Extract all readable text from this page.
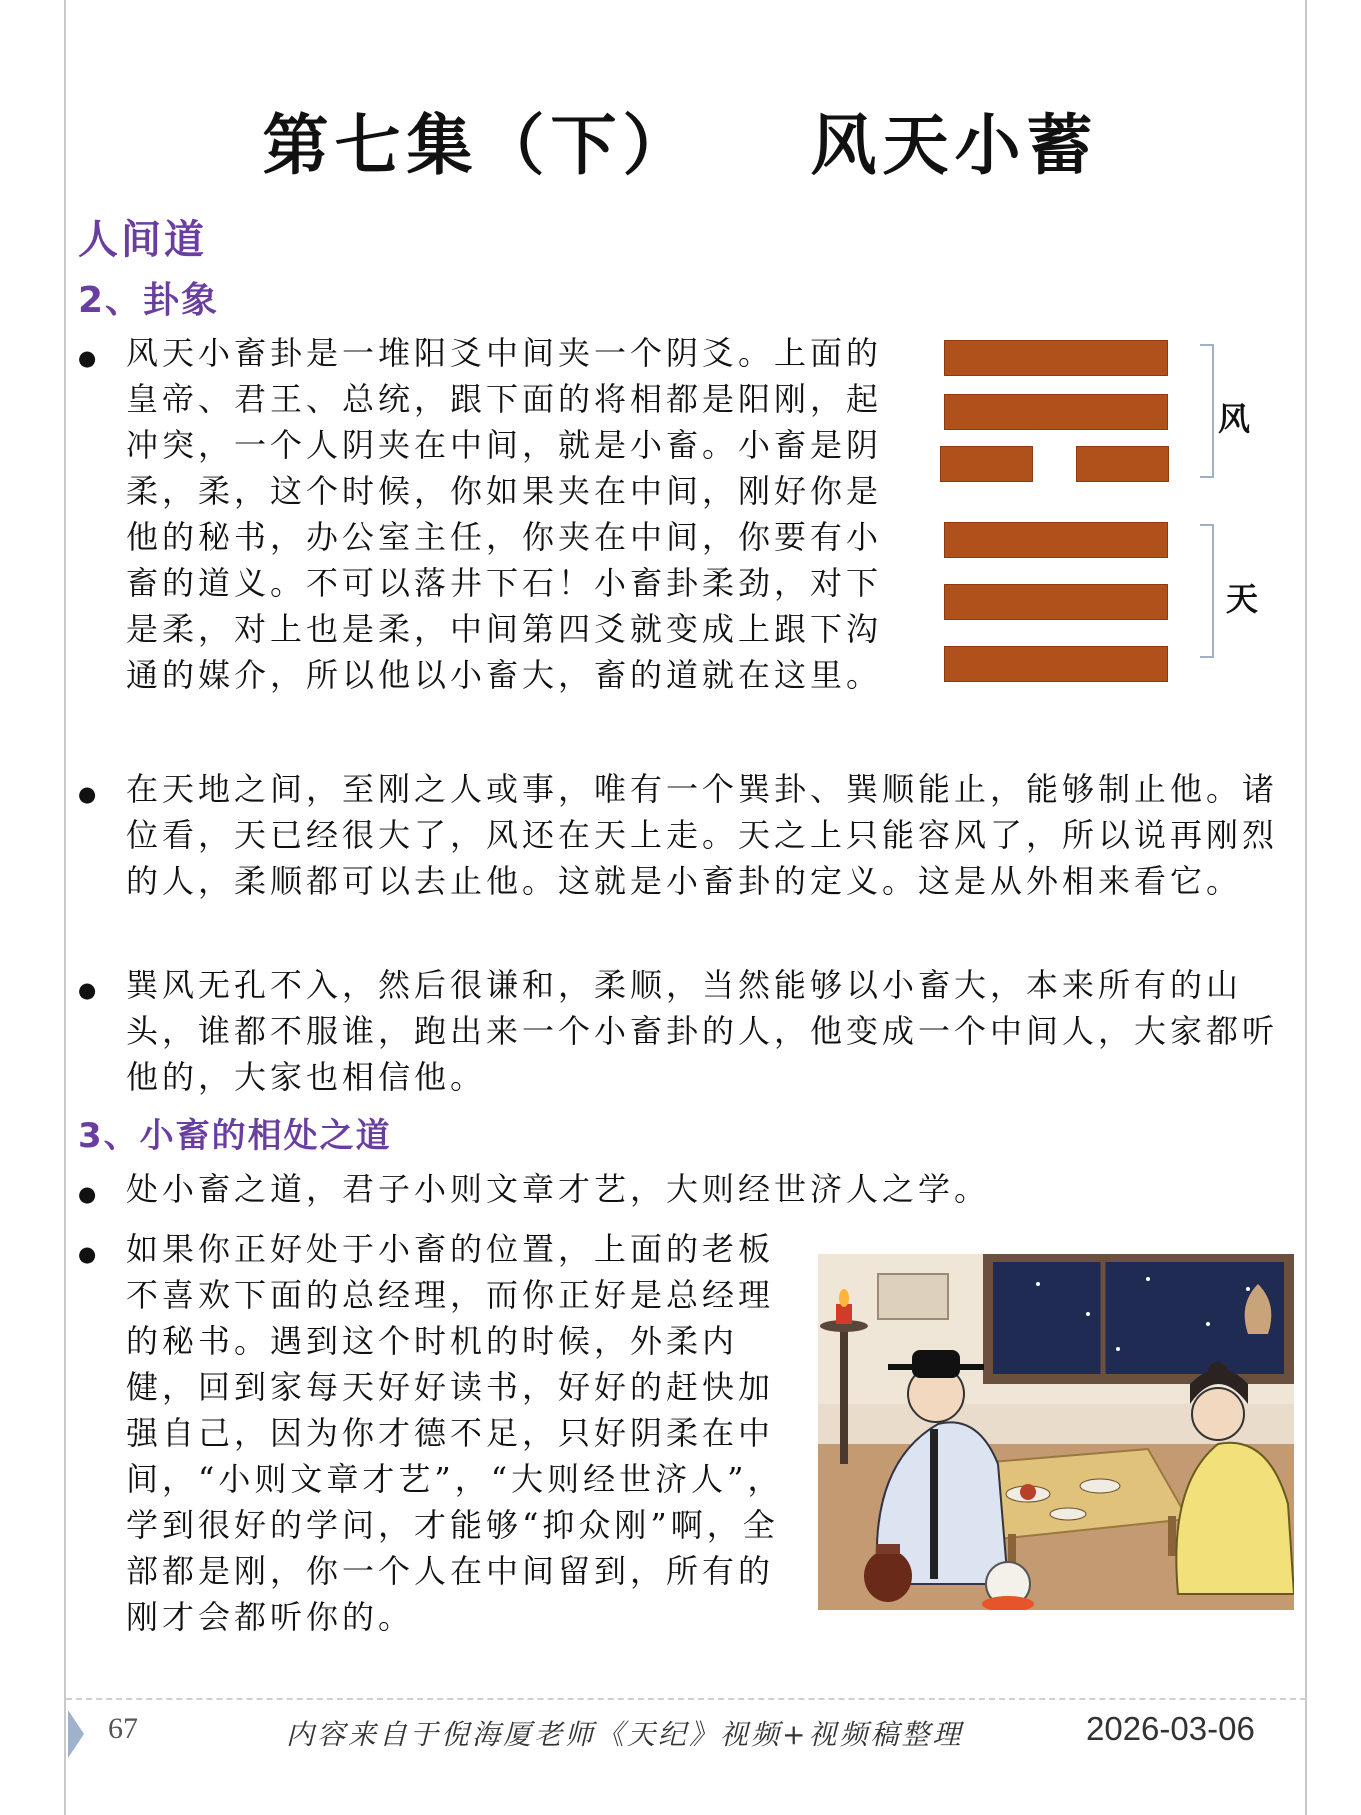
第七集（下）    风天小蓄
人间道
2、卦象
● 风天小畜卦是一堆阳爻中间夹一个阴爻。上面的皇帝、君王、总统，跟下面的将相都是阳刚，起冲突，一个人阴夹在中间，就是小畜。小畜是阴柔，柔，这个时候，你如果夹在中间，刚好你是他的秘书，办公室主任，你夹在中间，你要有小畜的道义。不可以落井下石！小畜卦柔劲，对下是柔，对上也是柔，中间第四爻就变成上跟下沟通的媒介，所以他以小畜大，畜的道就在这里。

风
天
● 在天地之间，至刚之人或事，唯有一个巽卦、巽顺能止，能够制止他。诸位看，天已经很大了，风还在天上走。天之上只能容风了，所以说再刚烈的人，柔顺都可以去止他。这就是小畜卦的定义。这是从外相来看它。

● 巽风无孔不入，然后很谦和，柔顺，当然能够以小畜大，本来所有的山头，谁都不服谁，跑出来一个小畜卦的人，他变成一个中间人，大家都听他的，大家也相信他。

3、小畜的相处之道
● 处小畜之道，君子小则文章才艺，大则经世济人之学。

● 如果你正好处于小畜的位置，上面的老板不喜欢下面的总经理，而你正好是总经理的秘书。遇到这个时机的时候，外柔内健，回到家每天好好读书，好好的赶快加强自己，因为你才德不足，只好阴柔在中间，“小则文章才艺”，“大则经世济人”，学到很好的学问，才能够“抑众刚”啊，全部都是刚，你一个人在中间留到，所有的刚才会都听你的。

67	内容来自于倪海厦老师《天纪》视频+视频稿整理	2026-03-06
